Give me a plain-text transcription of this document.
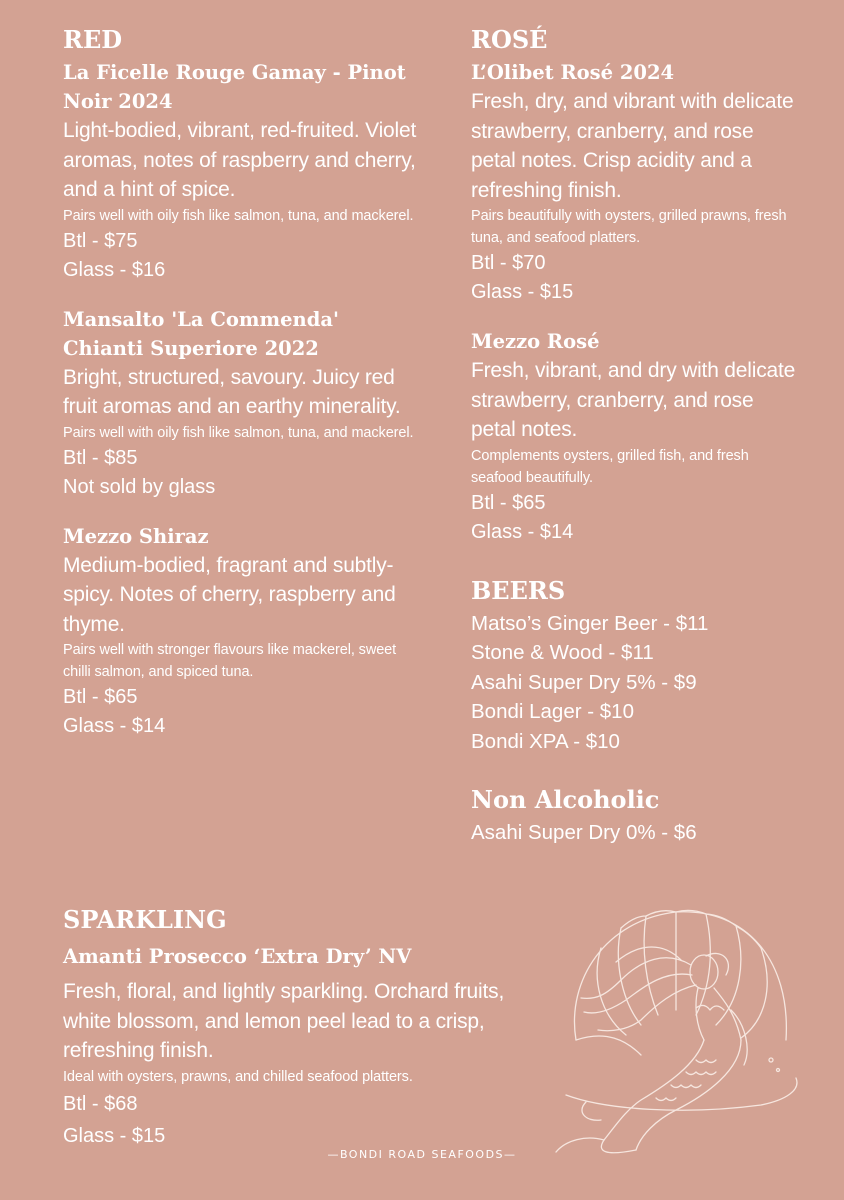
RED

La Ficelle Rouge Gamay - Pinot Noir 2024

Light-bodied, vibrant, red-fruited. Violet aromas, notes of raspberry and cherry, and a hint of spice.

Pairs well with oily fish like salmon, tuna, and mackerel.

Btl - $75

Glass - $16

Mansalto 'La Commenda' Chianti Superiore 2022

Bright, structured, savoury. Juicy red fruit aromas and an earthy minerality.

Pairs well with oily fish like salmon, tuna, and mackerel.

Btl - $85

Not sold by glass

Mezzo Shiraz

Medium-bodied, fragrant and subtly-spicy. Notes of cherry, raspberry and thyme.

Pairs well with stronger flavours like mackerel, sweet chilli salmon, and spiced tuna.

Btl - $65

Glass - $14

ROSÉ

L’Olibet Rosé 2024

Fresh, dry, and vibrant with delicate strawberry, cranberry, and rose petal notes. Crisp acidity and a refreshing finish.

Pairs beautifully with oysters, grilled prawns, fresh tuna, and seafood platters.

Btl - $70

Glass - $15

Mezzo Rosé

Fresh, vibrant, and dry with delicate strawberry, cranberry, and rose petal notes.

Complements oysters, grilled fish, and fresh seafood beautifully.

Btl - $65

Glass - $14

BEERS

Matso’s Ginger Beer - $11

Stone & Wood - $11

Asahi Super Dry 5% - $9

Bondi Lager - $10

Bondi XPA - $10

Non Alcoholic

Asahi Super Dry 0% - $6

SPARKLING

Amanti Prosecco ‘Extra Dry’ NV

Fresh, floral, and lightly sparkling. Orchard fruits, white blossom, and lemon peel lead to a crisp, refreshing finish.

Ideal with oysters, prawns, and chilled seafood platters.

Btl - $68

Glass - $15

—BONDI ROAD SEAFOODS—
